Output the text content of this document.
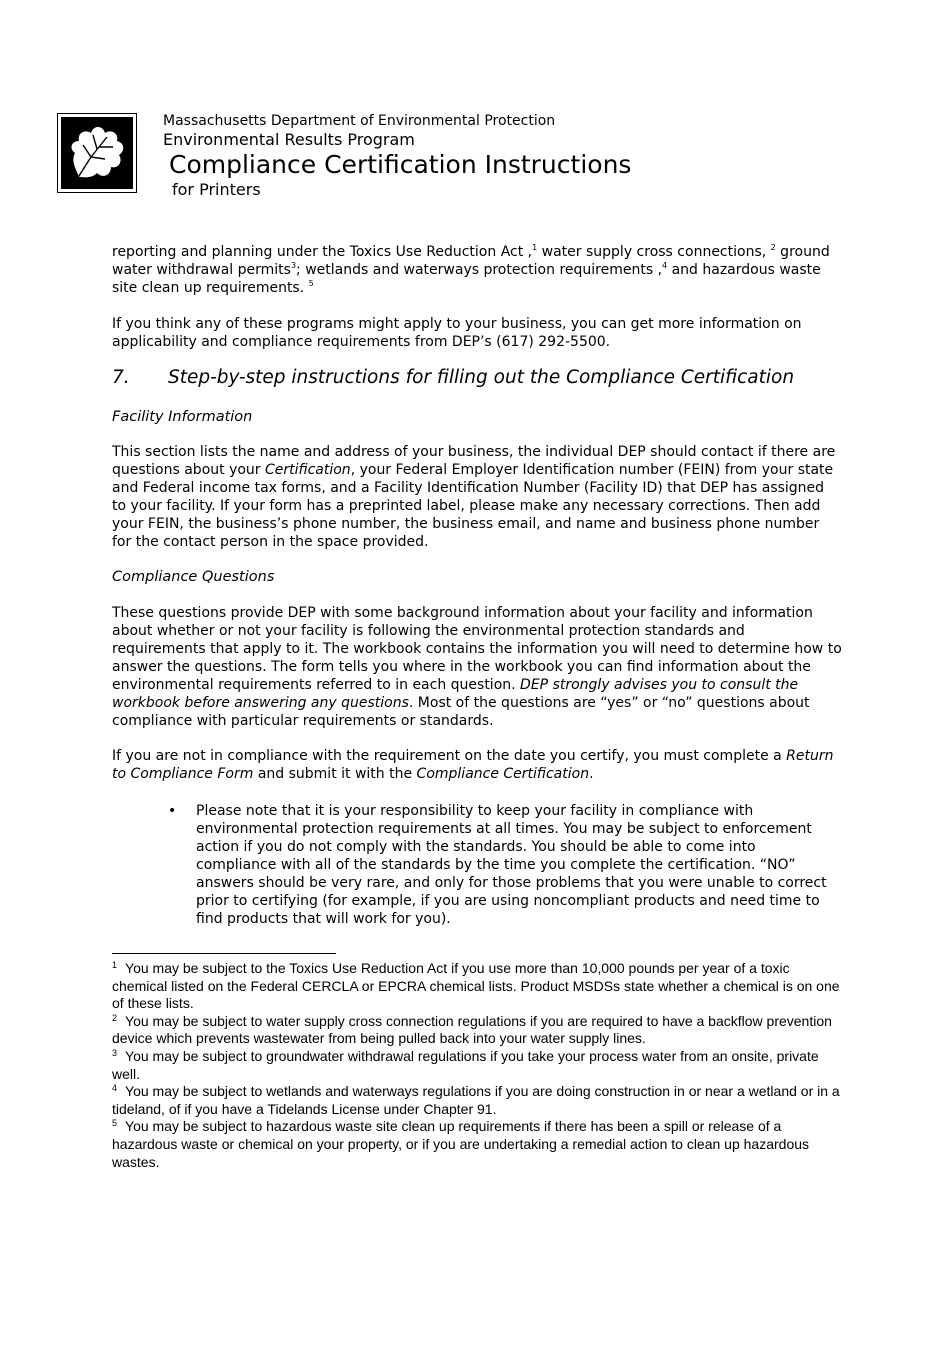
Massachusetts Department of Environmental Protection
Environmental Results Program
Compliance Certification Instructions
for Printers

reporting and planning under the Toxics Use Reduction Act ,$^1$ water supply cross connections, $^2$ ground water withdrawal permits$^3$; wetlands and waterways protection requirements ,$^4$ and hazardous waste site clean up requirements. $^5$

If you think any of these programs might apply to your business, you can get more information on applicability and compliance requirements from DEP’s (617) 292-5500.
7. Step-by-step instructions for filling out the Compliance Certification
Facility Information
This section lists the name and address of your business, the individual DEP should contact if there are questions about your Certification, your Federal Employer Identification number (FEIN) from your state and Federal income tax forms, and a Facility Identification Number (Facility ID) that DEP has assigned to your facility. If your form has a preprinted label, please make any necessary corrections. Then add your FEIN, the business’s phone number, the business email, and name and business phone number for the contact person in the space provided.
Compliance Questions
These questions provide DEP with some background information about your facility and information about whether or not your facility is following the environmental protection standards and requirements that apply to it. The workbook contains the information you will need to determine how to answer the questions. The form tells you where in the workbook you can find information about the environmental requirements referred to in each question. DEP strongly advises you to consult the workbook before answering any questions. Most of the questions are “yes” or “no” questions about compliance with particular requirements or standards.
If you are not in compliance with the requirement on the date you certify, you must complete a Return to Compliance Form and submit it with the Compliance Certification.
• Please note that it is your responsibility to keep your facility in compliance with environmental protection requirements at all times. You may be subject to enforcement action if you do not comply with the standards. You should be able to come into compliance with all of the standards by the time you complete the certification. “NO” answers should be very rare, and only for those problems that you were unable to correct prior to certifying (for example, if you are using noncompliant products and need time to find products that will work for you).

$^1$ You may be subject to the Toxics Use Reduction Act if you use more than 10,000 pounds per year of a toxic chemical listed on the Federal CERCLA or EPCRA chemical lists. Product MSDSs state whether a chemical is on one of these lists.

$^2$ You may be subject to water supply cross connection regulations if you are required to have a backflow prevention device which prevents wastewater from being pulled back into your water supply lines.

$^3$ You may be subject to groundwater withdrawal regulations if you take your process water from an onsite, private well.

$^4$ You may be subject to wetlands and waterways regulations if you are doing construction in or near a wetland or in a tideland, of if you have a Tidelands License under Chapter 91.

$^5$ You may be subject to hazardous waste site clean up requirements if there has been a spill or release of a hazardous waste or chemical on your property, or if you are undertaking a remedial action to clean up hazardous wastes.
